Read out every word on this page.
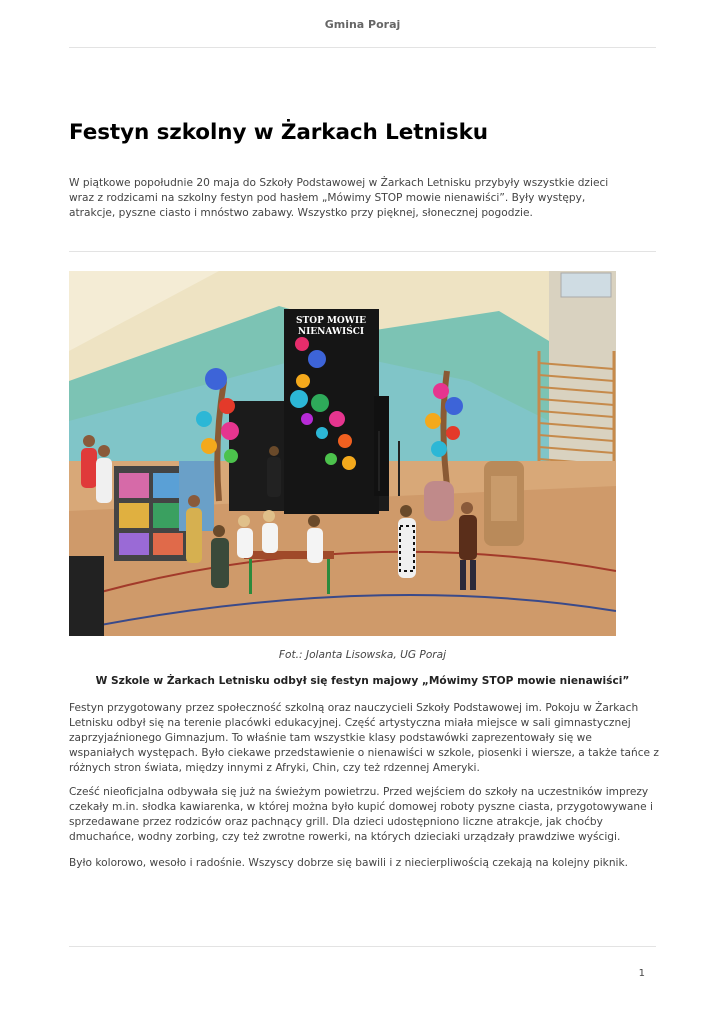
Gmina Poraj
Festyn szkolny w Żarkach Letnisku

W piątkowe popołudnie 20 maja do Szkoły Podstawowej w Żarkach Letnisku przybyły wszystkie dzieci wraz z rodzicami na szkolny festyn pod hasłem „Mówimy STOP mowie nienawiści”. Były występy, atrakcje, pyszne ciasto i mnóstwo zabawy. Wszystko przy pięknej, słonecznej pogodzie.

STOP MOWIE
NIENAWIŚCI
Fot.: Jolanta Lisowska, UG Poraj
W Szkole w Żarkach Letnisku odbył się festyn majowy „Mówimy STOP mowie nienawiści”

Festyn przygotowany przez społeczność szkolną oraz nauczycieli Szkoły Podstawowej im. Pokoju w Żarkach Letnisku odbył się na terenie placówki edukacyjnej. Część artystyczna miała miejsce w sali gimnastycznej zaprzyjaźnionego Gimnazjum. To właśnie tam wszystkie klasy podstawówki zaprezentowały się we wspaniałych występach. Było ciekawe przedstawienie o nienawiści w szkole, piosenki i wiersze, a także tańce z różnych stron świata, między innymi z Afryki, Chin, czy też rdzennej Ameryki.

Cześć nieoficjalna odbywała się już na świeżym powietrzu. Przed wejściem do szkoły na uczestników imprezy czekały m.in. słodka kawiarenka, w której można było kupić domowej roboty pyszne ciasta, przygotowywane i sprzedawane przez rodziców oraz pachnący grill. Dla dzieci udostępniono liczne atrakcje, jak choćby dmuchańce, wodny zorbing, czy też zwrotne rowerki, na których dzieciaki urządzały prawdziwe wyścigi.

Było kolorowo, wesoło i radośnie. Wszyscy dobrze się bawili i z niecierpliwością czekają na kolejny piknik.

1
